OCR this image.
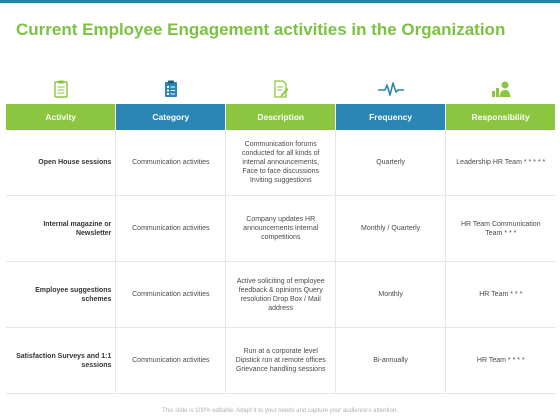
Current Employee Engagement activities in the Organization
Activity	Category	Description	Frequency	Responsibility
Open House sessions	Communication activities	Communication forums conducted for all kinds of internal announcements, Face to face discussions Inviting suggestions	Quarterly	Leadership HR Team * * * * *
Internal magazine or Newsletter	Communication activities	Company updates HR announcements Internal competitions	Monthly / Quarterly	HR Team Communication Team * * *
Employee suggestions schemes	Communication activities	Active soliciting of employee feedback & opinions Query resolution Drop Box / Mail address	Monthly	HR Team * * *
Satisfaction Surveys and 1:1 sessions	Communication activities	Run at a corporate level Dipstick run at remote offices Grievance handling sessions	Bi-annually	HR Team * * * *
This slide is 100% editable. Adapt it to your needs and capture your audience's attention.
